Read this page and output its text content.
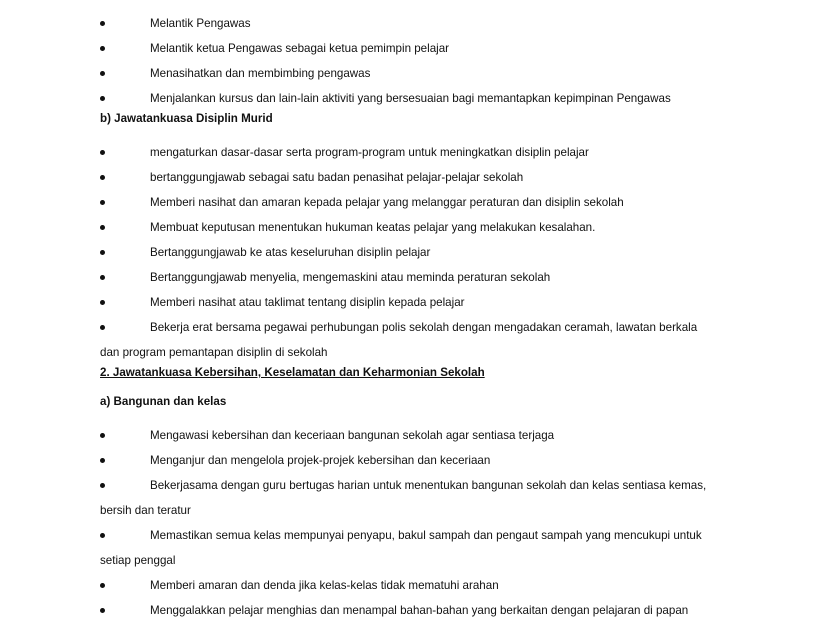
Melantik Pengawas
Melantik ketua Pengawas sebagai ketua pemimpin pelajar
Menasihatkan dan membimbing pengawas
Menjalankan kursus dan lain-lain aktiviti yang bersesuaian bagi memantapkan kepimpinan Pengawas
b) Jawatankuasa Disiplin Murid
mengaturkan dasar-dasar serta program-program untuk meningkatkan disiplin pelajar
bertanggungjawab sebagai satu badan penasihat pelajar-pelajar sekolah
Memberi nasihat dan amaran kepada pelajar yang melanggar peraturan dan disiplin sekolah
Membuat keputusan menentukan hukuman keatas pelajar yang melakukan kesalahan.
Bertanggungjawab ke atas keseluruhan disiplin pelajar
Bertanggungjawab menyelia, mengemaskini atau meminda peraturan sekolah
Memberi nasihat atau taklimat tentang disiplin kepada pelajar
Bekerja erat bersama pegawai perhubungan polis sekolah dengan mengadakan ceramah, lawatan berkala
dan program pemantapan disiplin di sekolah
2. Jawatankuasa Kebersihan, Keselamatan dan Keharmonian Sekolah
a) Bangunan dan kelas
Mengawasi kebersihan dan keceriaan bangunan sekolah agar sentiasa terjaga
Menganjur dan mengelola projek-projek kebersihan dan keceriaan
Bekerjasama dengan guru bertugas harian untuk menentukan bangunan sekolah dan kelas sentiasa kemas,
bersih dan teratur
Memastikan semua kelas mempunyai penyapu, bakul sampah dan pengaut sampah yang mencukupi untuk
setiap penggal
Memberi amaran dan denda jika kelas-kelas tidak mematuhi arahan
Menggalakkan pelajar menghias dan menampal bahan-bahan yang berkaitan dengan pelajaran di papan
